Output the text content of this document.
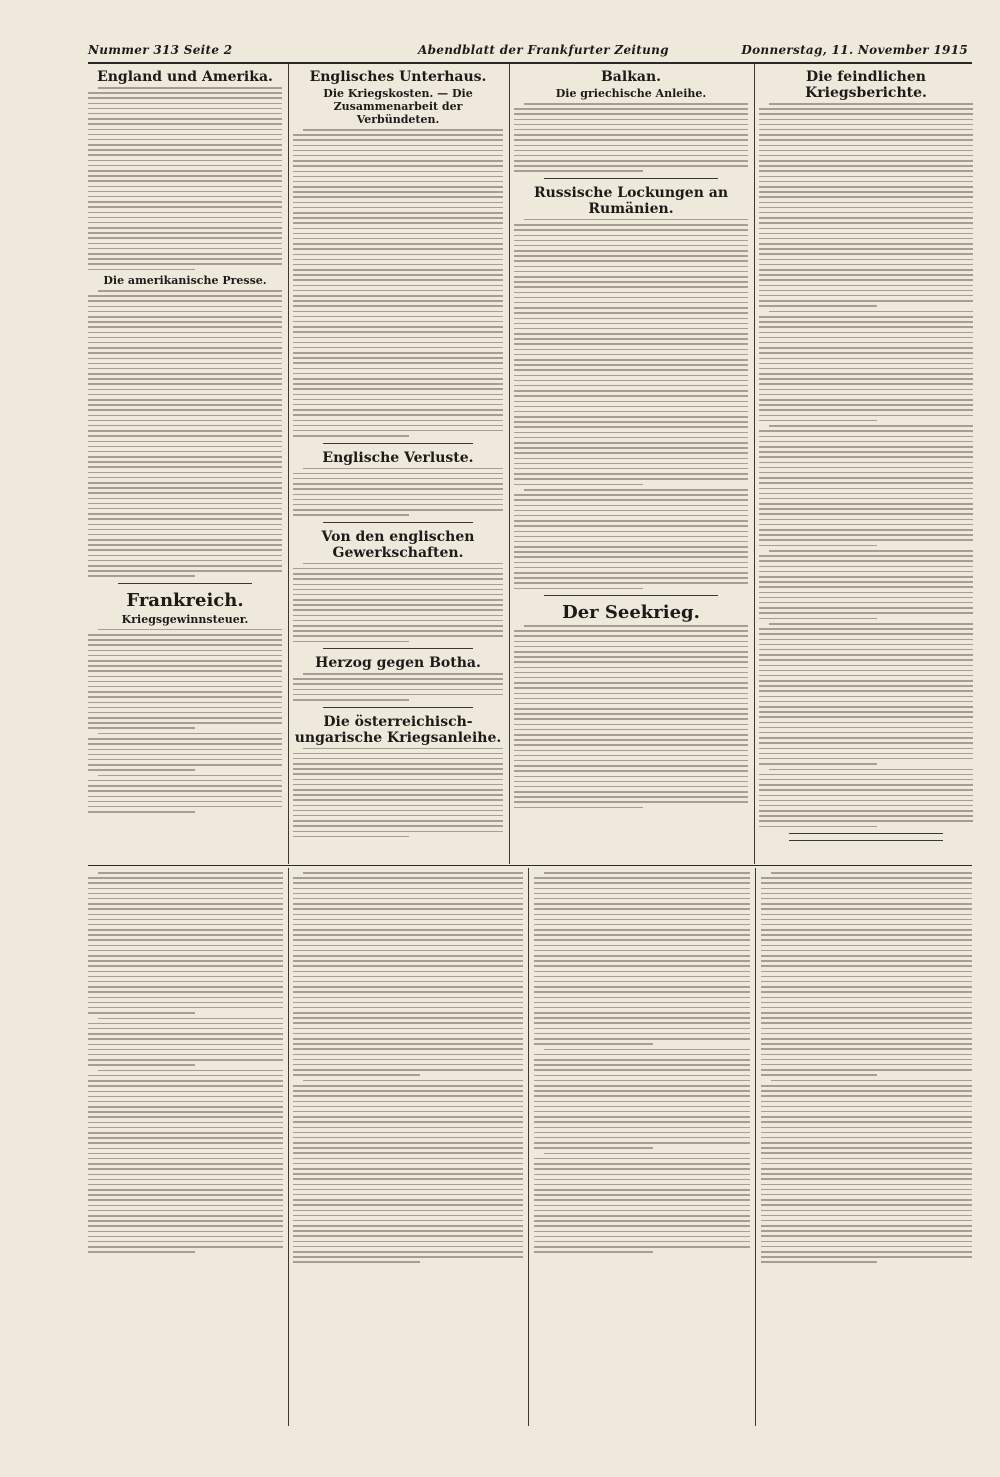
Nummer 313 Seite 2	Abendblatt der Frankfurter Zeitung	Donnerstag, 11. November 1915
England und Amerika.
Die amerikanische Presse.
Frankreich.
Kriegsgewinnsteuer.
Englisches Unterhaus.
Die Kriegskosten. — Die Zusammenarbeit der Verbündeten.
Englische Verluste.
Von den englischen Gewerkschaften.
Herzog gegen Botha.
Die österreichisch-ungarische Kriegsanleihe.
Balkan.
Die griechische Anleihe.
Russische Lockungen an Rumänien.
Der Seekrieg.
Die feindlichen Kriegsberichte.
